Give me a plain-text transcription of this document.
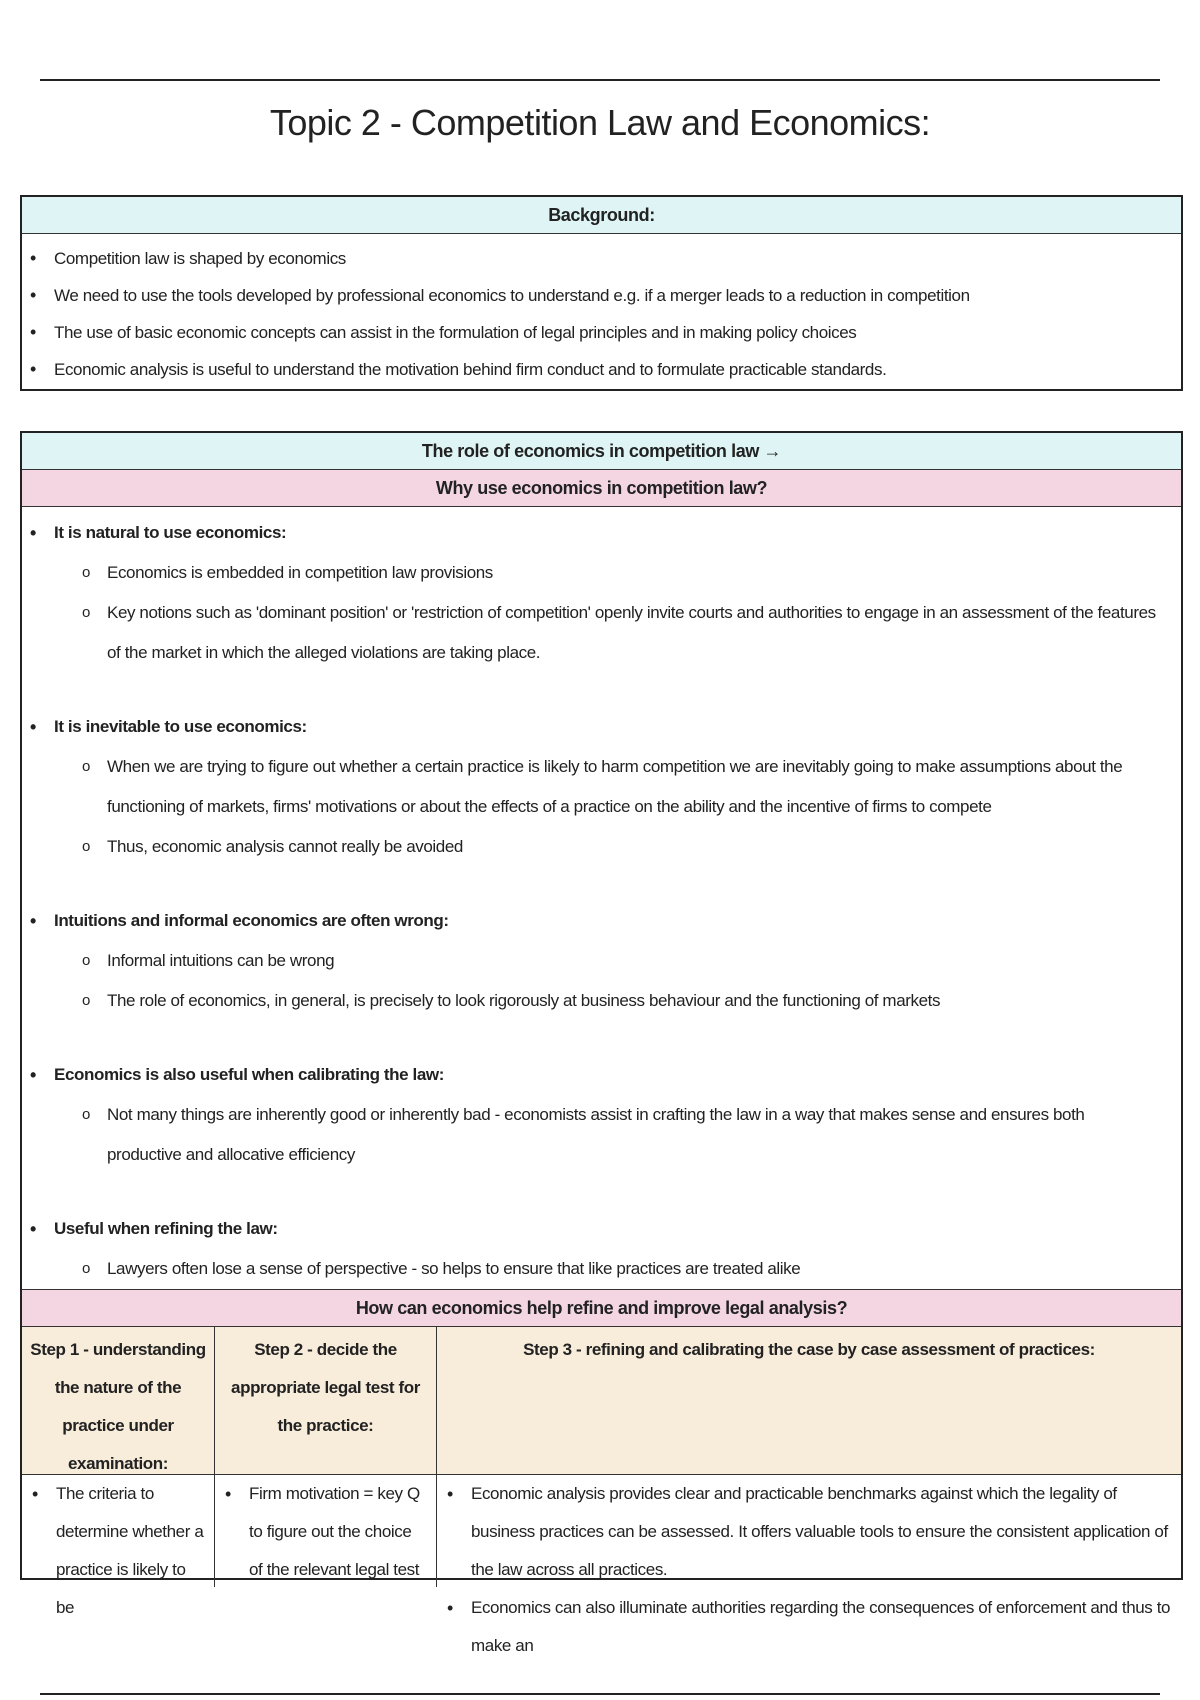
Topic 2 - Competition Law and Economics:
Background:
• Competition law is shaped by economics
• We need to use the tools developed by professional economics to understand e.g. if a merger leads to a reduction in competition
• The use of basic economic concepts can assist in the formulation of legal principles and in making policy choices
• Economic analysis is useful to understand the motivation behind firm conduct and to formulate practicable standards.
The role of economics in competition law →
Why use economics in competition law?
• It is natural to use economics:
o Economics is embedded in competition law provisions
o Key notions such as 'dominant position' or 'restriction of competition' openly invite courts and authorities to engage in an assessment of the features of the market in which the alleged violations are taking place.
• It is inevitable to use economics:
o When we are trying to figure out whether a certain practice is likely to harm competition we are inevitably going to make assumptions about the functioning of markets, firms' motivations or about the effects of a practice on the ability and the incentive of firms to compete
o Thus, economic analysis cannot really be avoided
• Intuitions and informal economics are often wrong:
o Informal intuitions can be wrong
o The role of economics, in general, is precisely to look rigorously at business behaviour and the functioning of markets
• Economics is also useful when calibrating the law:
o Not many things are inherently good or inherently bad - economists assist in crafting the law in a way that makes sense and ensures both productive and allocative efficiency
• Useful when refining the law:
o Lawyers often lose a sense of perspective - so helps to ensure that like practices are treated alike
How can economics help refine and improve legal analysis?
Step 1 - understanding the nature of the practice under examination:
Step 2 - decide the appropriate legal test for the practice:
Step 3 - refining and calibrating the case by case assessment of practices:
• The criteria to determine whether a practice is likely to be
• Firm motivation = key Q to figure out the choice of the relevant legal test
• Economic analysis provides clear and practicable benchmarks against which the legality of business practices can be assessed. It offers valuable tools to ensure the consistent application of the law across all practices.
• Economics can also illuminate authorities regarding the consequences of enforcement and thus to make an
